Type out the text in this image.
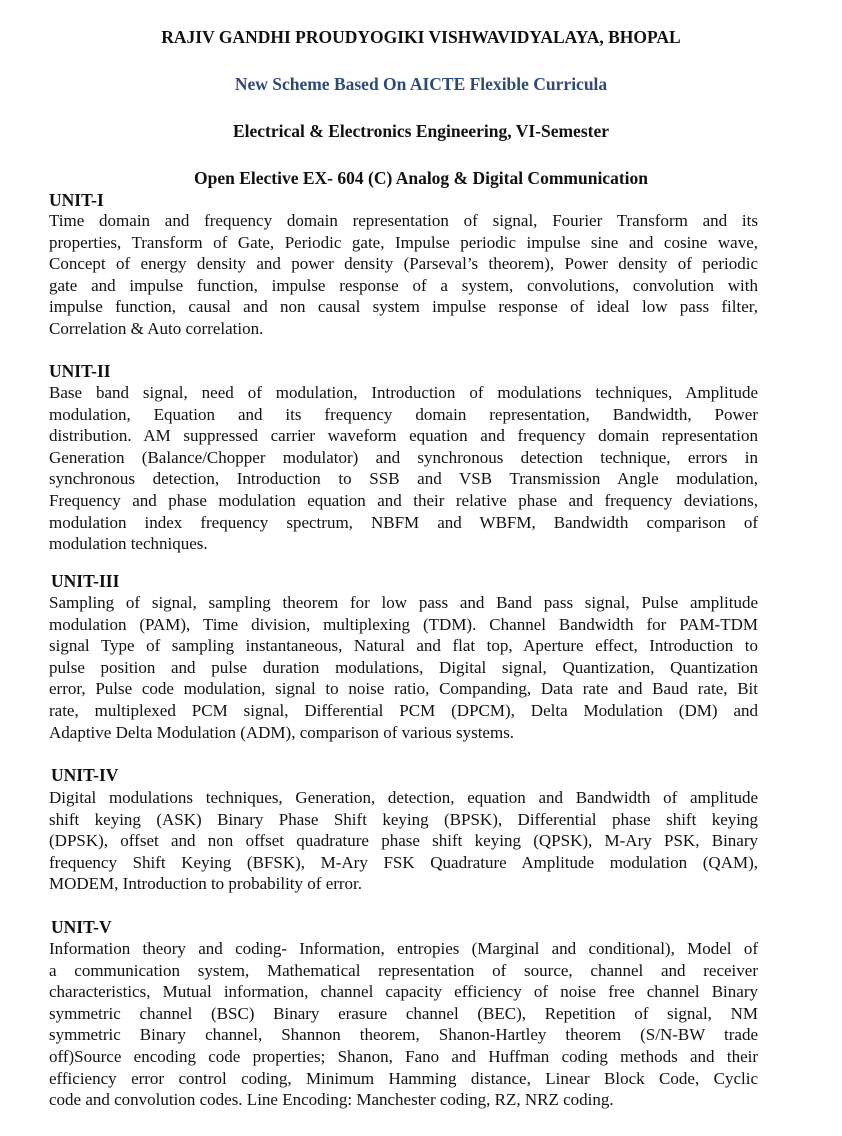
RAJIV GANDHI PROUDYOGIKI VISHWAVIDYALAYA, BHOPAL
New Scheme Based On AICTE Flexible Curricula
Electrical & Electronics Engineering, VI-Semester
Open Elective EX- 604 (C) Analog & Digital Communication
UNIT-I
Time domain and frequency domain representation of signal, Fourier Transform and its
properties, Transform of Gate, Periodic gate, Impulse periodic impulse sine and cosine wave,
Concept of energy density and power density (Parseval’s theorem), Power density of periodic
gate and impulse function, impulse response of a system, convolutions, convolution with
impulse function, causal and non causal system impulse response of ideal low pass filter,
Correlation & Auto correlation.
UNIT-II
Base band signal, need of modulation, Introduction of modulations techniques, Amplitude
modulation, Equation and its frequency domain representation, Bandwidth, Power
distribution. AM suppressed carrier waveform equation and frequency domain representation
Generation (Balance/Chopper modulator) and synchronous detection technique, errors in
synchronous detection, Introduction to SSB and VSB Transmission Angle modulation,
Frequency and phase modulation equation and their relative phase and frequency deviations,
modulation index frequency spectrum, NBFM and WBFM, Bandwidth comparison of
modulation techniques.
UNIT-III
Sampling of signal, sampling theorem for low pass and Band pass signal, Pulse amplitude
modulation (PAM), Time division, multiplexing (TDM). Channel Bandwidth for PAM-TDM
signal Type of sampling instantaneous, Natural and flat top, Aperture effect, Introduction to
pulse position and pulse duration modulations, Digital signal, Quantization, Quantization
error, Pulse code modulation, signal to noise ratio, Companding, Data rate and Baud rate, Bit
rate, multiplexed PCM signal, Differential PCM (DPCM), Delta Modulation (DM) and
Adaptive Delta Modulation (ADM), comparison of various systems.
UNIT-IV
Digital modulations techniques, Generation, detection, equation and Bandwidth of amplitude
shift keying (ASK) Binary Phase Shift keying (BPSK), Differential phase shift keying
(DPSK), offset and non offset quadrature phase shift keying (QPSK), M-Ary PSK, Binary
frequency Shift Keying (BFSK), M-Ary FSK Quadrature Amplitude modulation (QAM),
MODEM, Introduction to probability of error.
UNIT-V
Information theory and coding- Information, entropies (Marginal and conditional), Model of
a communication system, Mathematical representation of source, channel and receiver
characteristics, Mutual information, channel capacity efficiency of noise free channel Binary
symmetric channel (BSC) Binary erasure channel (BEC), Repetition of signal, NM
symmetric Binary channel, Shannon theorem, Shanon-Hartley theorem (S/N-BW trade
off)Source encoding code properties; Shanon, Fano and Huffman coding methods and their
efficiency error control coding, Minimum Hamming distance, Linear Block Code, Cyclic
code and convolution codes. Line Encoding: Manchester coding, RZ, NRZ coding.
